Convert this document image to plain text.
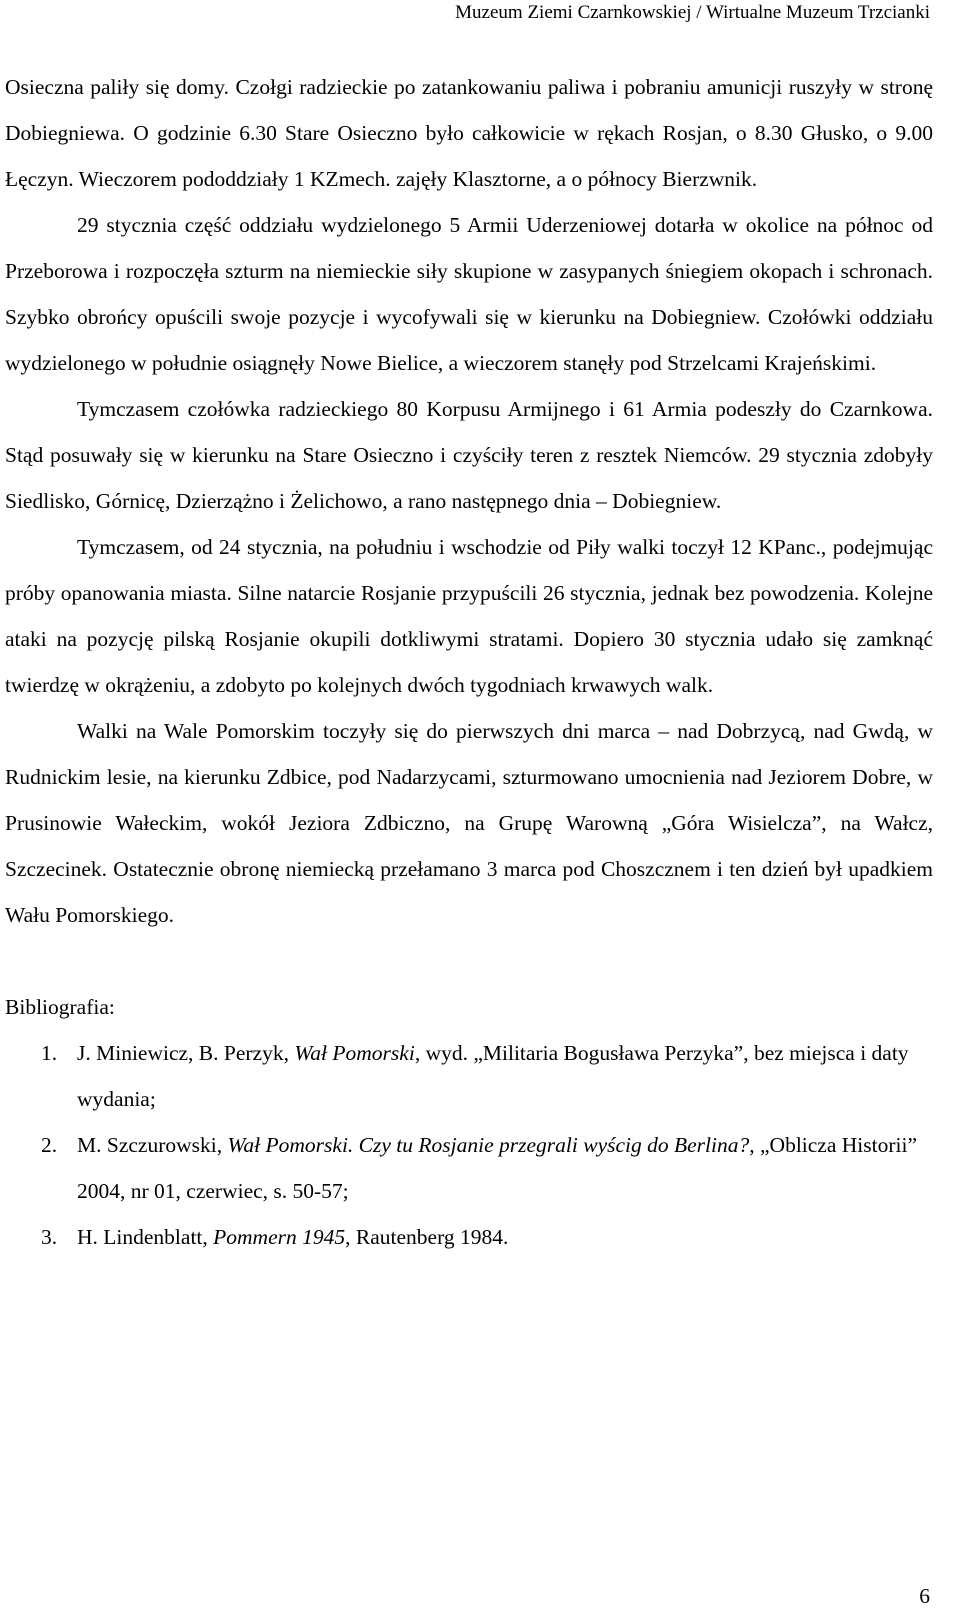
Muzeum Ziemi Czarnkowskiej / Wirtualne Muzeum Trzcianki

Osieczna paliły się domy. Czołgi radzieckie po zatankowaniu paliwa i pobraniu amunicji ruszyły w stronę Dobiegniewa. O godzinie 6.30 Stare Osieczno było całkowicie w rękach Rosjan, o 8.30 Głusko, o 9.00 Łęczyn. Wieczorem pododdziały 1 KZmech. zajęły Klasztorne, a o północy Bierzwnik.

29 stycznia część oddziału wydzielonego 5 Armii Uderzeniowej dotarła w okolice na północ od Przeborowa i rozpoczęła szturm na niemieckie siły skupione w zasypanych śniegiem okopach i schronach. Szybko obrońcy opuścili swoje pozycje i wycofywali się w kierunku na Dobiegniew. Czołówki oddziału wydzielonego w południe osiągnęły Nowe Bielice, a wieczorem stanęły pod Strzelcami Krajeńskimi.

Tymczasem czołówka radzieckiego 80 Korpusu Armijnego i 61 Armia podeszły do Czarnkowa. Stąd posuwały się w kierunku na Stare Osieczno i czyściły teren z resztek Niemców. 29 stycznia zdobyły Siedlisko, Górnicę, Dzierzążno i Żelichowo, a rano następnego dnia – Dobiegniew.

Tymczasem, od 24 stycznia, na południu i wschodzie od Piły walki toczył 12 KPanc., podejmując próby opanowania miasta. Silne natarcie Rosjanie przypuścili 26 stycznia, jednak bez powodzenia. Kolejne ataki na pozycję pilską Rosjanie okupili dotkliwymi stratami. Dopiero 30 stycznia udało się zamknąć twierdzę w okrążeniu, a zdobyto po kolejnych dwóch tygodniach krwawych walk.

Walki na Wale Pomorskim toczyły się do pierwszych dni marca – nad Dobrzycą, nad Gwdą, w Rudnickim lesie, na kierunku Zdbice, pod Nadarzycami, szturmowano umocnienia nad Jeziorem Dobre, w Prusinowie Wałeckim, wokół Jeziora Zdbiczno, na Grupę Warowną „Góra Wisielcza”, na Wałcz, Szczecinek. Ostatecznie obronę niemiecką przełamano 3 marca pod Choszcznem i ten dzień był upadkiem Wału Pomorskiego.

Bibliografia:

1. J. Miniewicz, B. Perzyk, Wał Pomorski, wyd. „Militaria Bogusława Perzyka”, bez miejsca i daty wydania;
2. M. Szczurowski, Wał Pomorski. Czy tu Rosjanie przegrali wyścig do Berlina?, „Oblicza Historii” 2004, nr 01, czerwiec, s. 50-57;
3. H. Lindenblatt, Pommern 1945, Rautenberg 1984.
6
